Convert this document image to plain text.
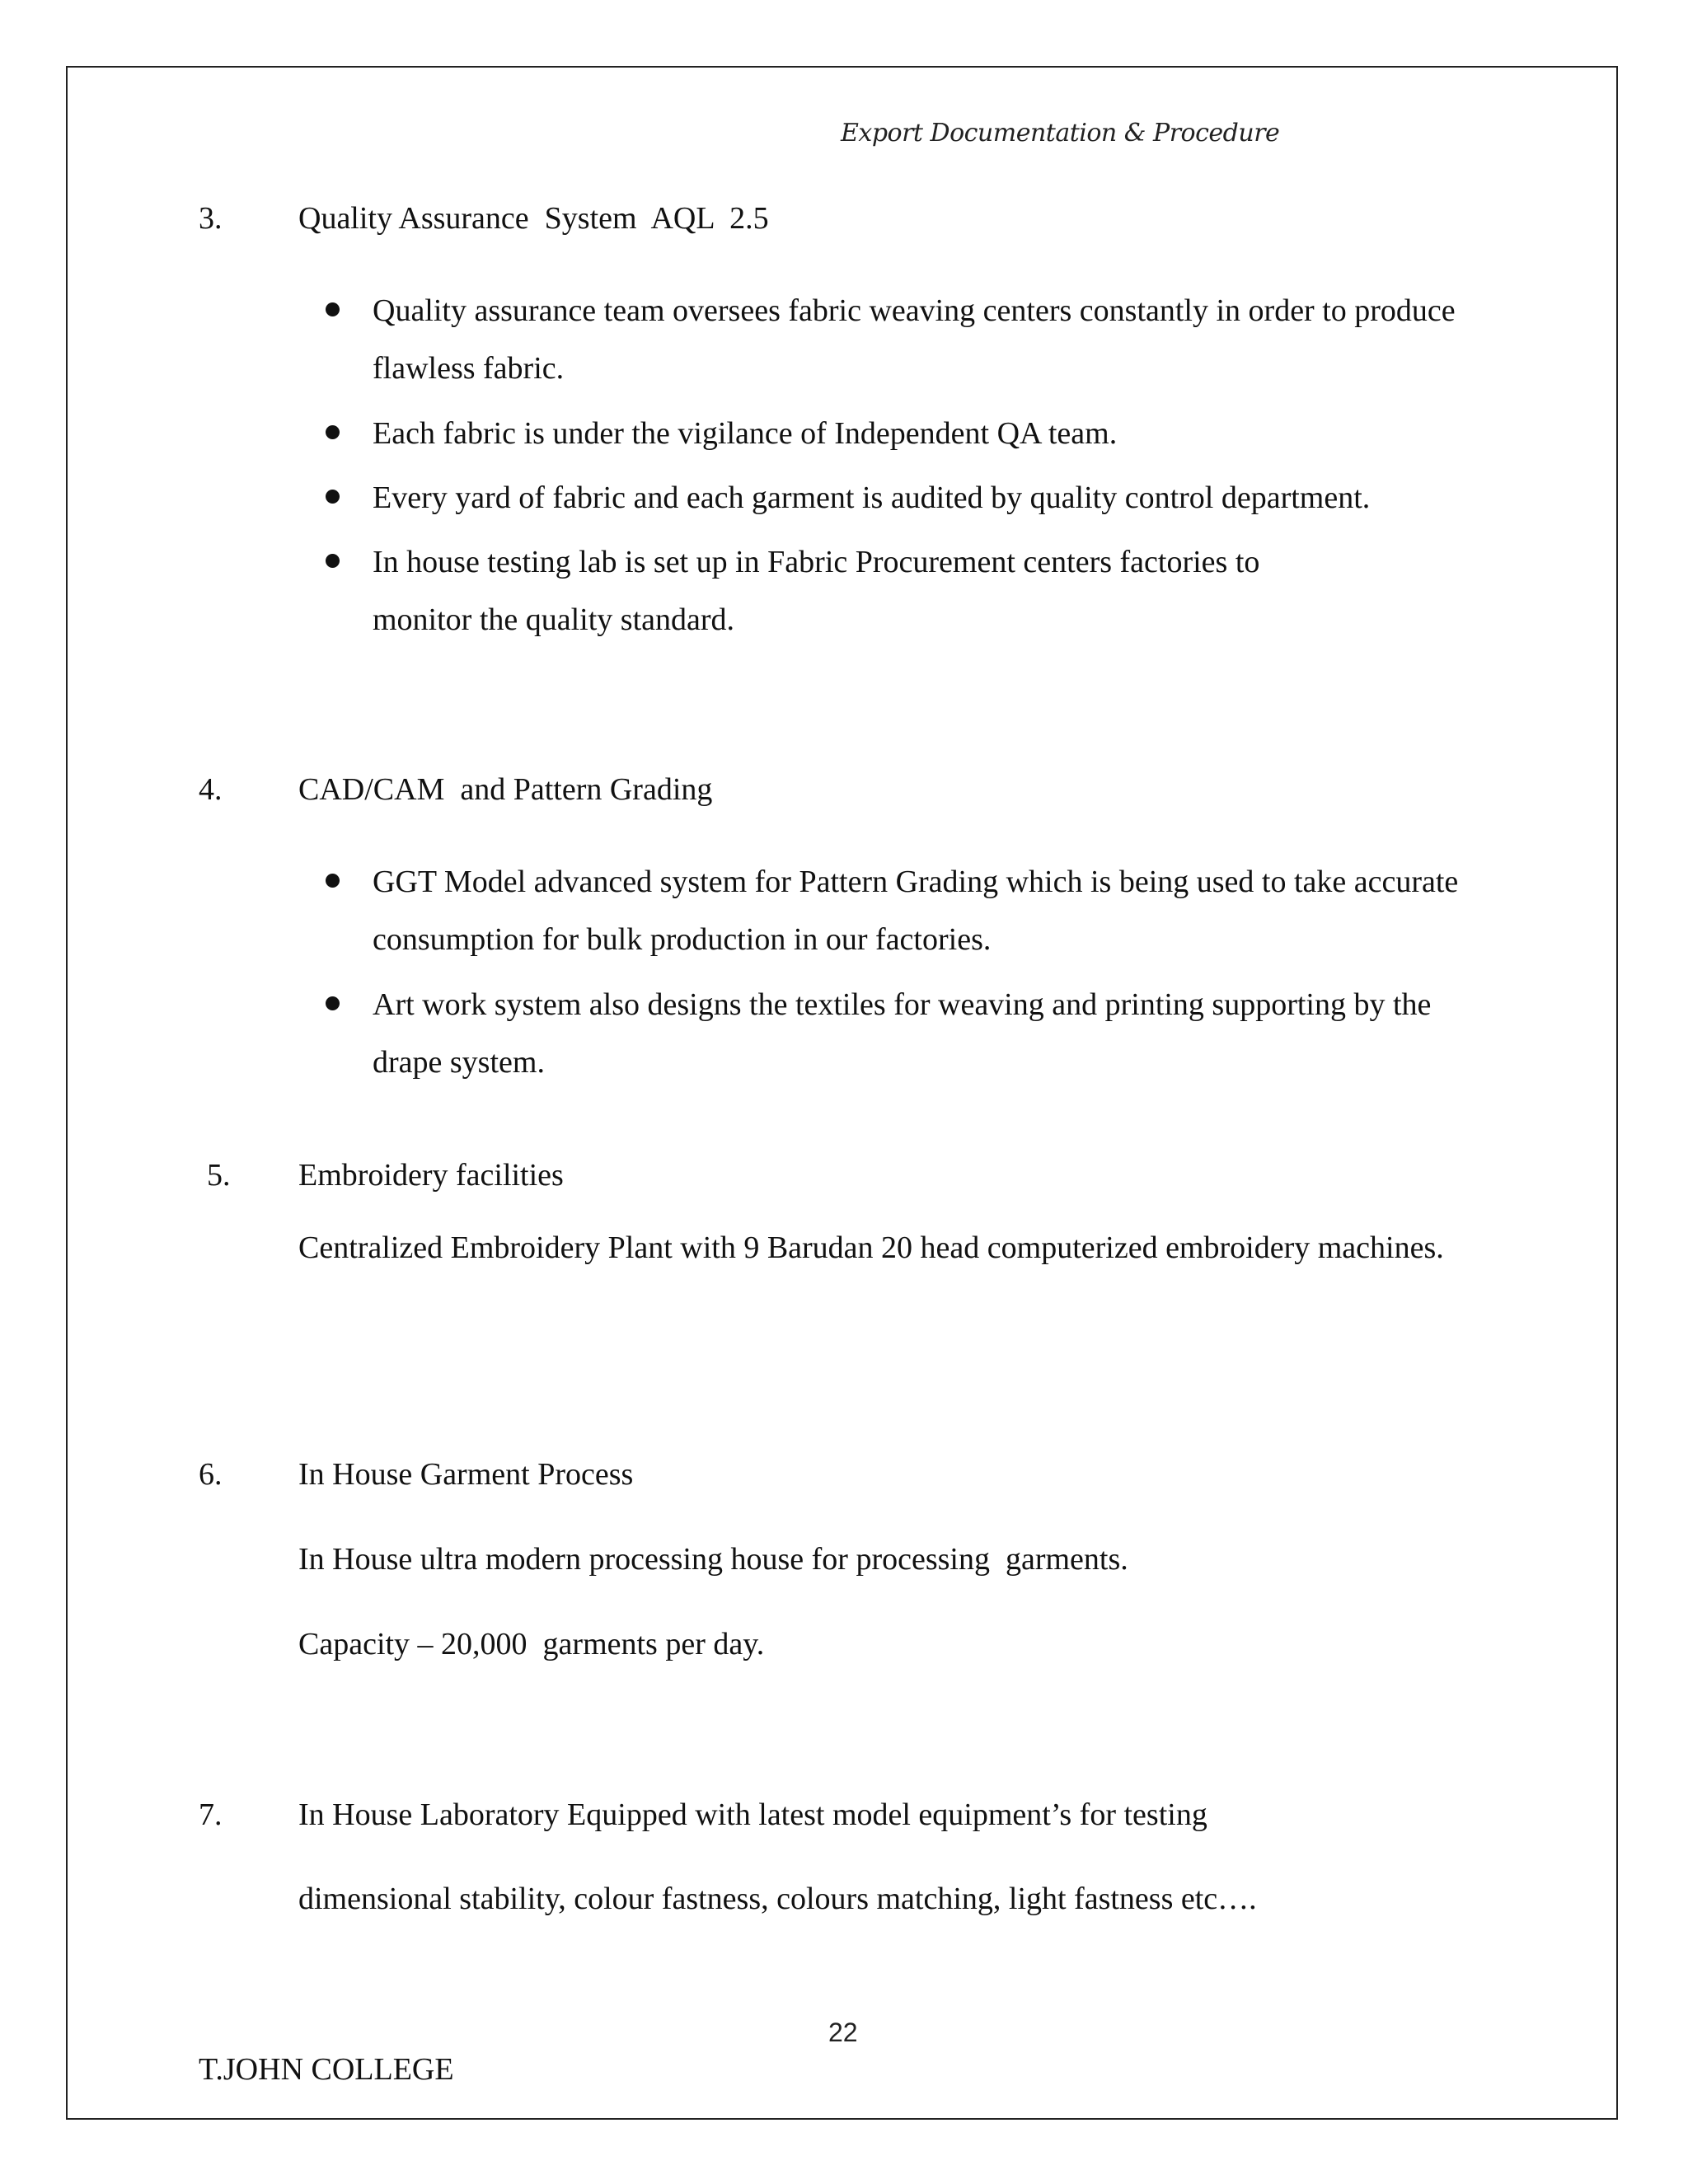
Export Documentation & Procedure
3. Quality Assurance  System  AQL  2.5
Quality assurance team oversees fabric weaving centers constantly in order to produce flawless fabric.
Each fabric is under the vigilance of Independent QA team.
Every yard of fabric and each garment is audited by quality control department.
In house testing lab is set up in Fabric Procurement centers factories to monitor the quality standard.
4. CAD/CAM  and Pattern Grading
GGT Model advanced system for Pattern Grading which is being used to take accurate consumption for bulk production in our factories.
Art work system also designs the textiles for weaving and printing supporting by the drape system.
5. Embroidery facilities
Centralized Embroidery Plant with 9 Barudan 20 head computerized embroidery machines.
6. In House Garment Process
In House ultra modern processing house for processing  garments.
Capacity – 20,000  garments per day.
7. In House Laboratory Equipped with latest model equipment’s for testing
dimensional stability, colour fastness, colours matching, light fastness etc….
22
T.JOHN COLLEGE
